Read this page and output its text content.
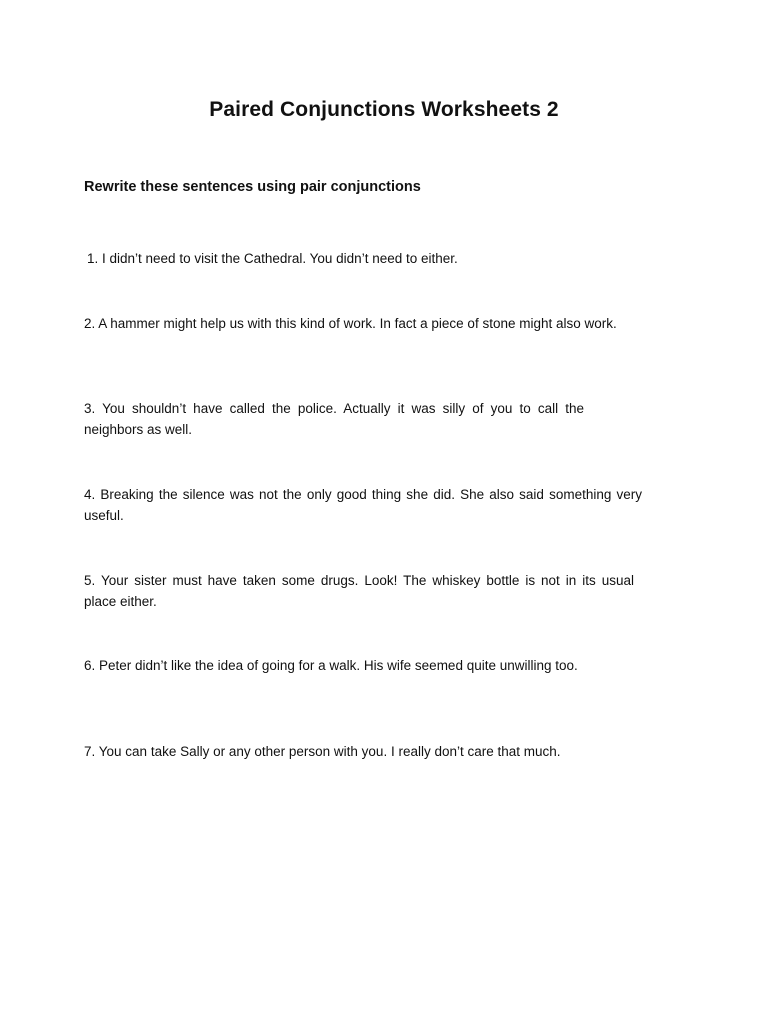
Paired Conjunctions Worksheets 2

Rewrite these sentences using pair conjunctions

1. I didn’t need to visit the Cathedral. You didn’t need to either.

2. A hammer might help us with this kind of work. In fact a piece of stone might also work.

3. You shouldn’t have called the police. Actually it was silly of you to call the neighbors as well.

4. Breaking the silence was not the only good thing she did. She also said something very useful.

5. Your sister must have taken some drugs. Look! The whiskey bottle is not in its usual place either.

6. Peter didn’t like the idea of going for a walk. His wife seemed quite unwilling too.

7. You can take Sally or any other person with you. I really don’t care that much.
